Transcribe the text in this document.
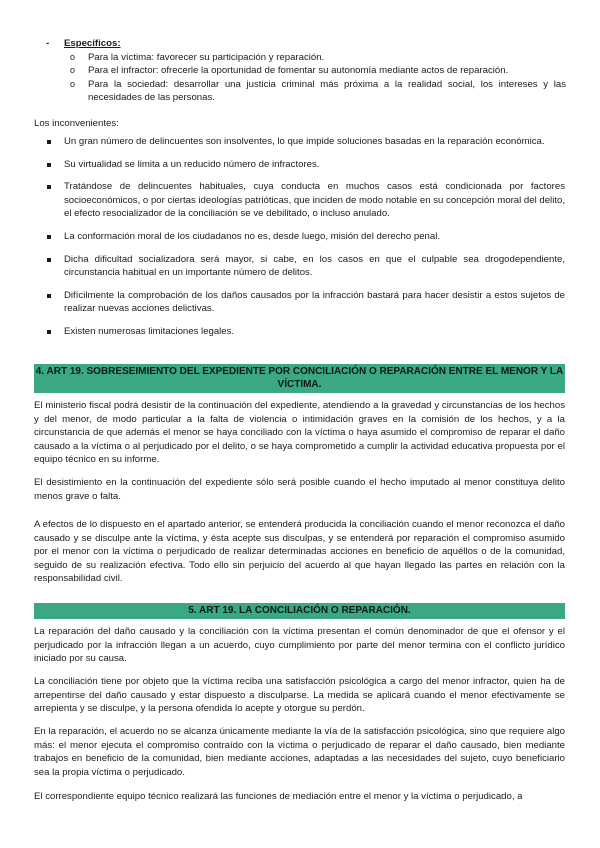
-	Específicos:
o Para la víctima: favorecer su participación y reparación.
o Para el infractor: ofrecerle la oportunidad de fomentar su autonomía mediante actos de reparación.
o Para la sociedad: desarrollar una justicia criminal más próxima a la realidad social, los intereses y las necesidades de las personas.
Los inconvenientes:
Un gran número de delincuentes son insolventes, lo que impide soluciones basadas en la reparación económica.
Su virtualidad se limita a un reducido número de infractores.
Tratándose de delincuentes habituales, cuya conducta en muchos casos está condicionada por factores socioeconómicos, o por ciertas ideologías patrióticas, que inciden de modo notable en su concepción moral del delito, el efecto resocializador de la conciliación se ve debilitado, o incluso anulado.
La conformación moral de los ciudadanos no es, desde luego, misión del derecho penal.
Dicha dificultad socializadora será mayor, si cabe, en los casos en que el culpable sea drogodependiente, circunstancia habitual en un importante número de delitos.
Difícilmente la comprobación de los daños causados por la infracción bastará para hacer desistir a estos sujetos de realizar nuevas acciones delictivas.
Existen numerosas limitaciones legales.
4. ART 19. SOBRESEIMIENTO DEL EXPEDIENTE POR CONCILIACIÓN O REPARACIÓN ENTRE EL MENOR Y LA VÍCTIMA.

El ministerio fiscal podrá desistir de la continuación del expediente, atendiendo a la gravedad y circunstancias de los hechos y del menor, de modo particular a la falta de violencia o intimidación graves en la comisión de los hechos, y a la circunstancia de que además el menor se haya conciliado con la víctima o haya asumido el compromiso de reparar el daño causado a la víctima o al perjudicado por el delito, o se haya comprometido a cumplir la actividad educativa propuesta por el equipo técnico en su informe.

El desistimiento en la continuación del expediente sólo será posible cuando el hecho imputado al menor constituya delito menos grave o falta.

A efectos de lo dispuesto en el apartado anterior, se entenderá producida la conciliación cuando el menor reconozca el daño causado y se disculpe ante la víctima, y ésta acepte sus disculpas, y se entenderá por reparación el compromiso asumido por el menor con la víctima o perjudicado de realizar determinadas acciones en beneficio de aquéllos o de la comunidad, seguido de su realización efectiva. Todo ello sin perjuicio del acuerdo al que hayan llegado las partes en relación con la responsabilidad civil.

5. ART 19. LA CONCILIACIÓN O REPARACIÓN.

La reparación del daño causado y la conciliación con la víctima presentan el común denominador de que el ofensor y el perjudicado por la infracción llegan a un acuerdo, cuyo cumplimiento por parte del menor termina con el conflicto jurídico iniciado por su causa.

La conciliación tiene por objeto que la víctima reciba una satisfacción psicológica a cargo del menor infractor, quien ha de arrepentirse del daño causado y estar dispuesto a disculparse. La medida se aplicará cuando el menor efectivamente se arrepienta y se disculpe, y la persona ofendida lo acepte y otorgue su perdón.

En la reparación, el acuerdo no se alcanza únicamente mediante la vía de la satisfacción psicológica, sino que requiere algo más: el menor ejecuta el compromiso contraído con la víctima o perjudicado de reparar el daño causado, bien mediante trabajos en beneficio de la comunidad, bien mediante acciones, adaptadas a las necesidades del sujeto, cuyo beneficiario sea la propia víctima o perjudicado.

El correspondiente equipo técnico realizará las funciones de mediación entre el menor y la víctima o perjudicado, a
